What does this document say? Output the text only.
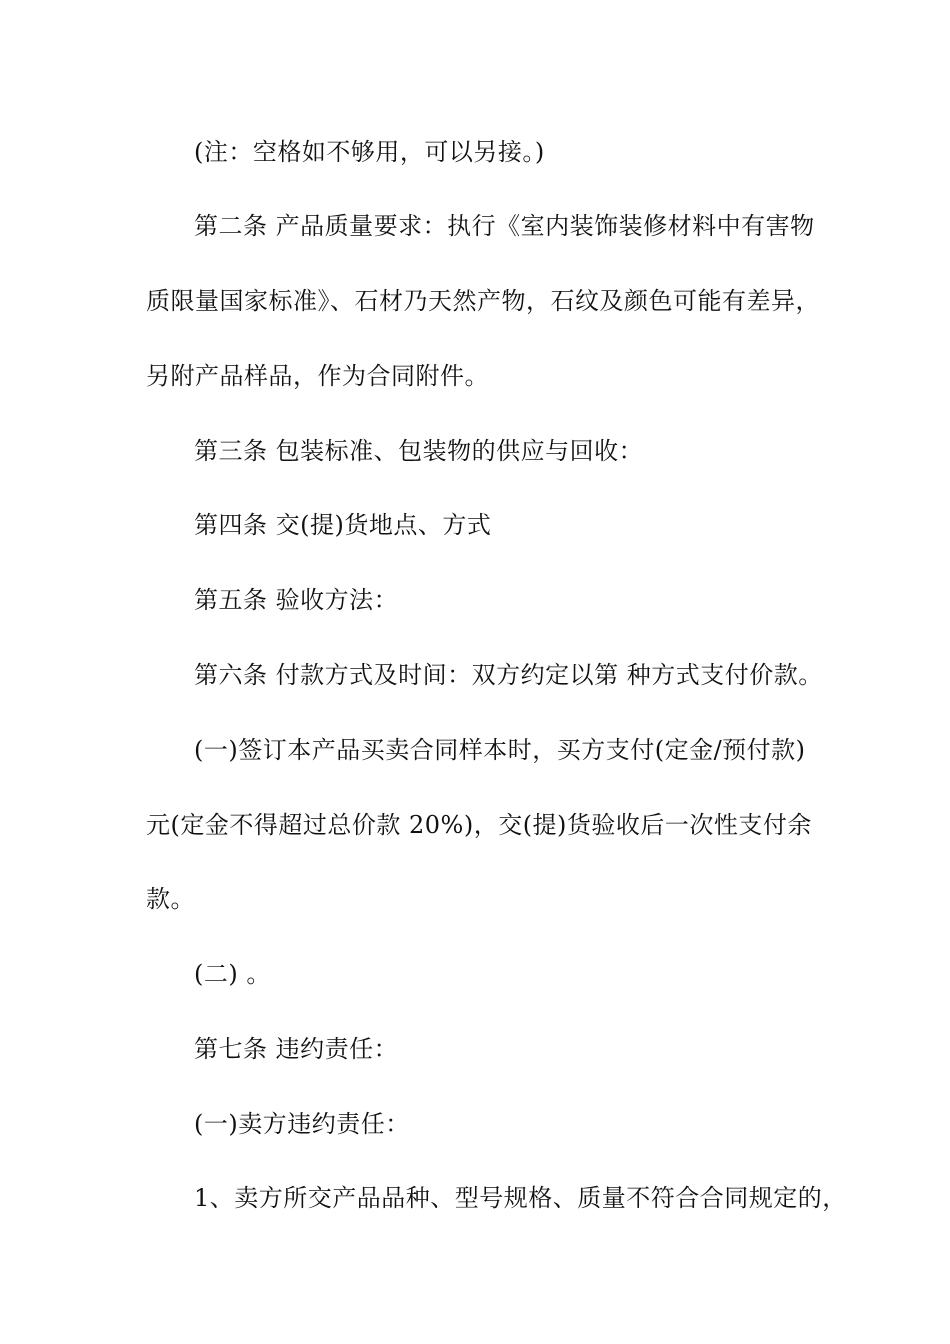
(注：空格如不够用，可以另接。)

第二条 产品质量要求：执行《室内装饰装修材料中有害物

质限量国家标准》、石材乃天然产物，石纹及颜色可能有差异，

另附产品样品，作为合同附件。

第三条 包装标准、包装物的供应与回收：

第四条 交(提)货地点、方式

第五条 验收方法：

第六条 付款方式及时间：双方约定以第 种方式支付价款。

(一)签订本产品买卖合同样本时，买方支付(定金/预付款)

元(定金不得超过总价款 20%)，交(提)货验收后一次性支付余

款。

(二) 。

第七条 违约责任：

(一)卖方违约责任：

1、卖方所交产品品种、型号规格、质量不符合合同规定的，
